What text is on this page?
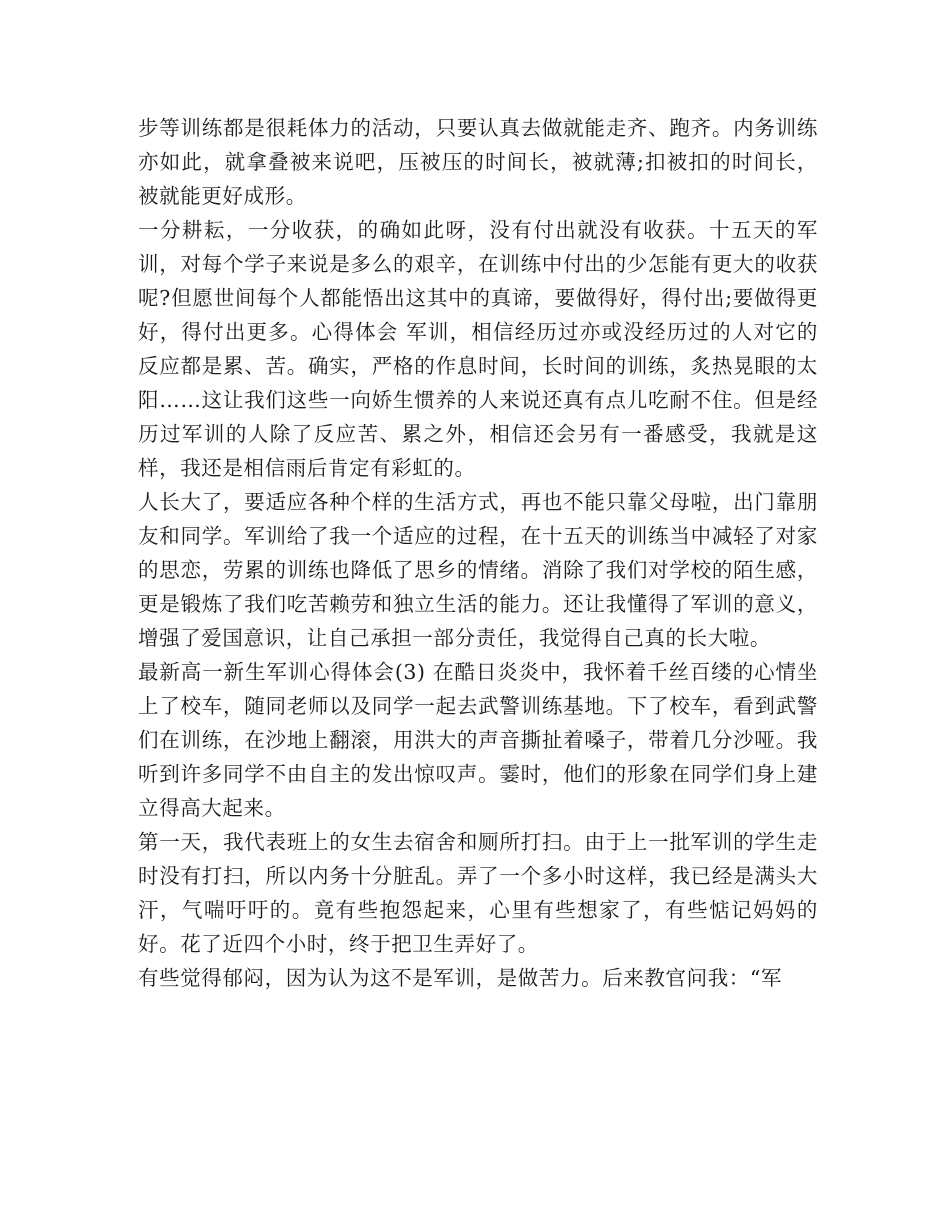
步等训练都是很耗体力的活动，只要认真去做就能走齐、跑齐。内务训练亦如此，就拿叠被来说吧，压被压的时间长，被就薄;扣被扣的时间长，被就能更好成形。

一分耕耘，一分收获，的确如此呀，没有付出就没有收获。十五天的军训，对每个学子来说是多么的艰辛，在训练中付出的少怎能有更大的收获呢?但愿世间每个人都能悟出这其中的真谛，要做得好，得付出;要做得更好，得付出更多。心得体会 军训，相信经历过亦或没经历过的人对它的反应都是累、苦。确实，严格的作息时间，长时间的训练，炙热晃眼的太阳……这让我们这些一向娇生惯养的人来说还真有点儿吃耐不住。但是经历过军训的人除了反应苦、累之外，相信还会另有一番感受，我就是这样，我还是相信雨后肯定有彩虹的。

人长大了，要适应各种个样的生活方式，再也不能只靠父母啦，出门靠朋友和同学。军训给了我一个适应的过程，在十五天的训练当中减轻了对家的思恋，劳累的训练也降低了思乡的情绪。消除了我们对学校的陌生感，更是锻炼了我们吃苦赖劳和独立生活的能力。还让我懂得了军训的意义，增强了爱国意识，让自己承担一部分责任，我觉得自己真的长大啦。

最新高一新生军训心得体会(3) 在酷日炎炎中，我怀着千丝百缕的心情坐上了校车，随同老师以及同学一起去武警训练基地。下了校车，看到武警们在训练，在沙地上翻滚，用洪大的声音撕扯着嗓子，带着几分沙哑。我听到许多同学不由自主的发出惊叹声。霎时，他们的形象在同学们身上建立得高大起来。

第一天，我代表班上的女生去宿舍和厕所打扫。由于上一批军训的学生走时没有打扫，所以内务十分脏乱。弄了一个多小时这样，我已经是满头大汗，气喘吁吁的。竟有些抱怨起来，心里有些想家了，有些惦记妈妈的好。花了近四个小时，终于把卫生弄好了。

有些觉得郁闷，因为认为这不是军训，是做苦力。后来教官问我：“军
